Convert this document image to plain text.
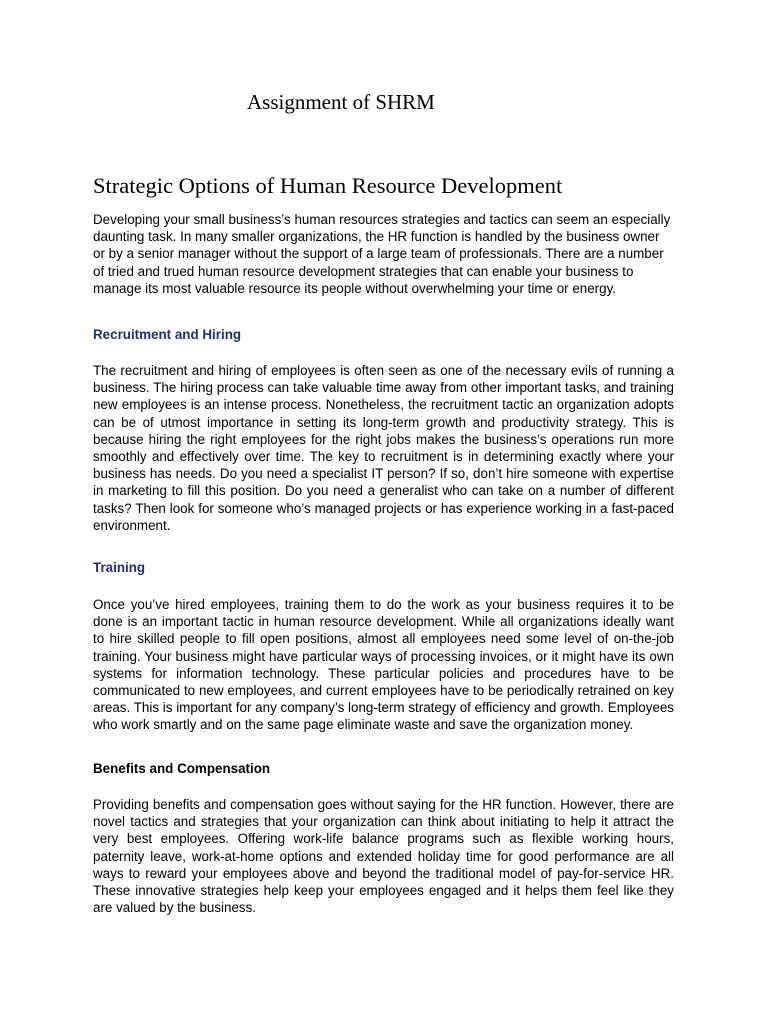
Assignment of SHRM
Strategic Options of Human Resource Development

Developing your small business’s human resources strategies and tactics can seem an especially daunting task. In many smaller organizations, the HR function is handled by the business owner or by a senior manager without the support of a large team of professionals. There are a number of tried and trued human resource development strategies that can enable your business to manage its most valuable resource its people without overwhelming your time or energy.

Recruitment and Hiring

The recruitment and hiring of employees is often seen as one of the necessary evils of running a business. The hiring process can take valuable time away from other important tasks, and training new employees is an intense process. Nonetheless, the recruitment tactic an organization adopts can be of utmost importance in setting its long-term growth and productivity strategy. This is because hiring the right employees for the right jobs makes the business’s operations run more smoothly and effectively over time. The key to recruitment is in determining exactly where your business has needs. Do you need a specialist IT person? If so, don’t hire someone with expertise in marketing to fill this position. Do you need a generalist who can take on a number of different tasks? Then look for someone who’s managed projects or has experience working in a fast-paced environment.

Training

Once you’ve hired employees, training them to do the work as your business requires it to be done is an important tactic in human resource development. While all organizations ideally want to hire skilled people to fill open positions, almost all employees need some level of on-the-job training. Your business might have particular ways of processing invoices, or it might have its own systems for information technology. These particular policies and procedures have to be communicated to new employees, and current employees have to be periodically retrained on key areas. This is important for any company’s long-term strategy of efficiency and growth. Employees who work smartly and on the same page eliminate waste and save the organization money.

Benefits and Compensation

Providing benefits and compensation goes without saying for the HR function. However, there are novel tactics and strategies that your organization can think about initiating to help it attract the very best employees. Offering work-life balance programs such as flexible working hours, paternity leave, work-at-home options and extended holiday time for good performance are all ways to reward your employees above and beyond the traditional model of pay-for-service HR. These innovative strategies help keep your employees engaged and it helps them feel like they are valued by the business.
